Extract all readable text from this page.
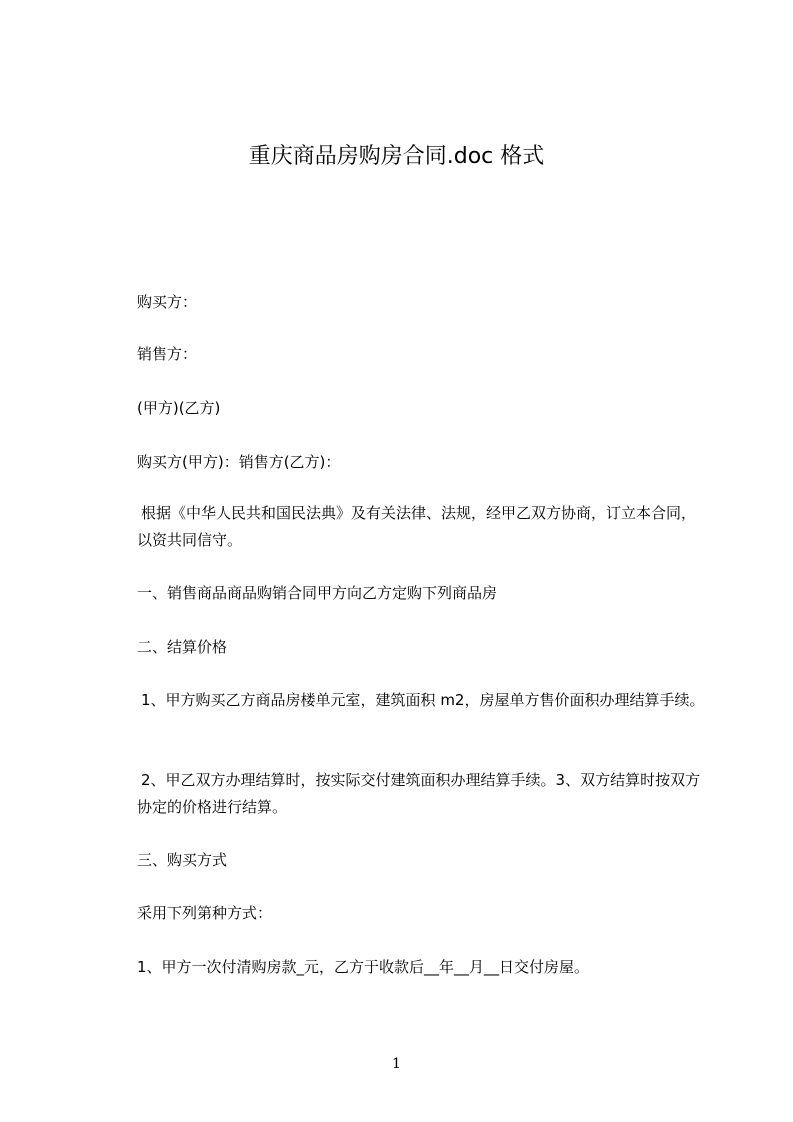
重庆商品房购房合同.doc 格式

购买方：

销售方：

(甲方)(乙方)

购买方(甲方)：销售方(乙方)：

根据《中华人民共和国民法典》及有关法律、法规，经甲乙双方协商，订立本合同，以资共同信守。

一、销售商品商品购销合同甲方向乙方定购下列商品房

二、结算价格

1、甲方购买乙方商品房楼单元室，建筑面积 m2，房屋单方售价面积办理结算手续。

2、甲乙双方办理结算时，按实际交付建筑面积办理结算手续。3、双方结算时按双方协定的价格进行结算。

三、购买方式

采用下列第种方式：

1、甲方一次付清购房款_元，乙方于收款后__年__月__日交付房屋。

1
